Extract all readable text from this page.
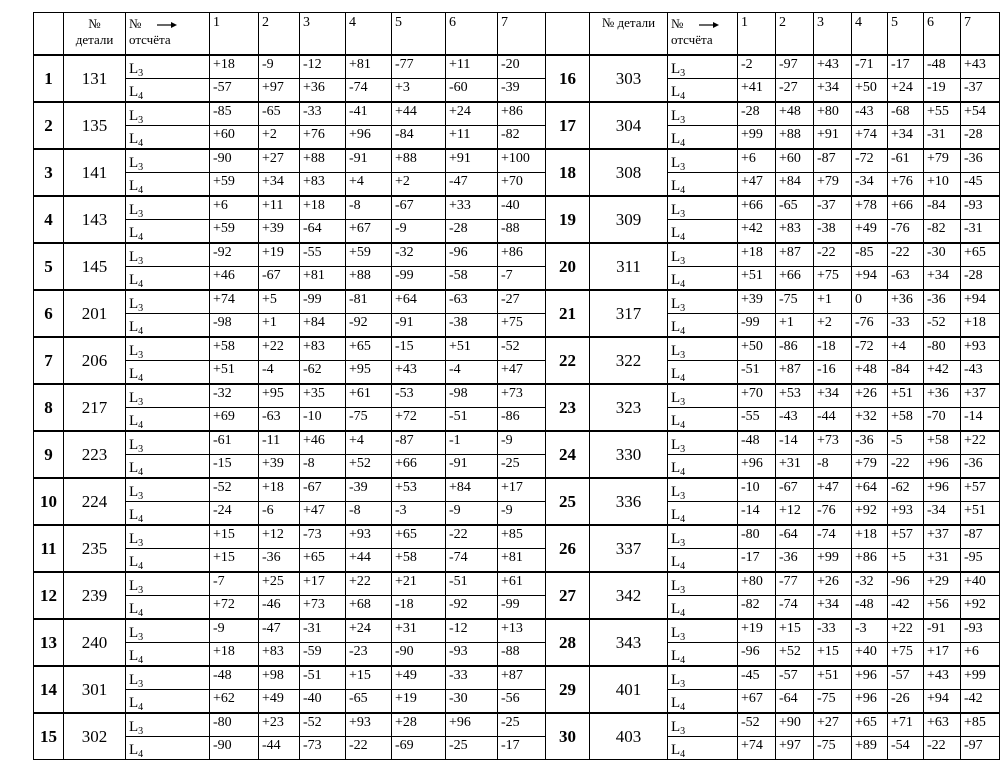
	№
детали	№
отсчёта	1	2	3	4	5	6	7		№ детали	№
отсчёта	1	2	3	4	5	6	7
1	131	$L_3$	+18	-9	-12	+81	-77	+11	-20	16	303	$L_3$	-2	-97	+43	-71	-17	-48	+43
		$L_4$	-57	+97	+36	-74	+3	-60	-39			$L_4$	+41	-27	+34	+50	+24	-19	-37
2	135	$L_3$	-85	-65	-33	-41	+44	+24	+86	17	304	$L_3$	-28	+48	+80	-43	-68	+55	+54
		$L_4$	+60	+2	+76	+96	-84	+11	-82			$L_4$	+99	+88	+91	+74	+34	-31	-28
3	141	$L_3$	-90	+27	+88	-91	+88	+91	+100	18	308	$L_3$	+6	+60	-87	-72	-61	+79	-36
		$L_4$	+59	+34	+83	+4	+2	-47	+70			$L_4$	+47	+84	+79	-34	+76	+10	-45
4	143	$L_3$	+6	+11	+18	-8	-67	+33	-40	19	309	$L_3$	+66	-65	-37	+78	+66	-84	-93
		$L_4$	+59	+39	-64	+67	-9	-28	-88			$L_4$	+42	+83	-38	+49	-76	-82	-31
5	145	$L_3$	-92	+19	-55	+59	-32	-96	+86	20	311	$L_3$	+18	+87	-22	-85	-22	-30	+65
		$L_4$	+46	-67	+81	+88	-99	-58	-7			$L_4$	+51	+66	+75	+94	-63	+34	-28
6	201	$L_3$	+74	+5	-99	-81	+64	-63	-27	21	317	$L_3$	+39	-75	+1	0	+36	-36	+94
		$L_4$	-98	+1	+84	-92	-91	-38	+75			$L_4$	-99	+1	+2	-76	-33	-52	+18
7	206	$L_3$	+58	+22	+83	+65	-15	+51	-52	22	322	$L_3$	+50	-86	-18	-72	+4	-80	+93
		$L_4$	+51	-4	-62	+95	+43	-4	+47			$L_4$	-51	+87	-16	+48	-84	+42	-43
8	217	$L_3$	-32	+95	+35	+61	-53	-98	+73	23	323	$L_3$	+70	+53	+34	+26	+51	+36	+37
		$L_4$	+69	-63	-10	-75	+72	-51	-86			$L_4$	-55	-43	-44	+32	+58	-70	-14
9	223	$L_3$	-61	-11	+46	+4	-87	-1	-9	24	330	$L_3$	-48	-14	+73	-36	-5	+58	+22
		$L_4$	-15	+39	-8	+52	+66	-91	-25			$L_4$	+96	+31	-8	+79	-22	+96	-36
10	224	$L_3$	-52	+18	-67	-39	+53	+84	+17	25	336	$L_3$	-10	-67	+47	+64	-62	+96	+57
		$L_4$	-24	-6	+47	-8	-3	-9	-9			$L_4$	-14	+12	-76	+92	+93	-34	+51
11	235	$L_3$	+15	+12	-73	+93	+65	-22	+85	26	337	$L_3$	-80	-64	-74	+18	+57	+37	-87
		$L_4$	+15	-36	+65	+44	+58	-74	+81			$L_4$	-17	-36	+99	+86	+5	+31	-95
12	239	$L_3$	-7	+25	+17	+22	+21	-51	+61	27	342	$L_3$	+80	-77	+26	-32	-96	+29	+40
		$L_4$	+72	-46	+73	+68	-18	-92	-99			$L_4$	-82	-74	+34	-48	-42	+56	+92
13	240	$L_3$	-9	-47	-31	+24	+31	-12	+13	28	343	$L_3$	+19	+15	-33	-3	+22	-91	-93
		$L_4$	+18	+83	-59	-23	-90	-93	-88			$L_4$	-96	+52	+15	+40	+75	+17	+6
14	301	$L_3$	-48	+98	-51	+15	+49	-33	+87	29	401	$L_3$	-45	-57	+51	+96	-57	+43	+99
		$L_4$	+62	+49	-40	-65	+19	-30	-56			$L_4$	+67	-64	-75	+96	-26	+94	-42
15	302	$L_3$	-80	+23	-52	+93	+28	+96	-25	30	403	$L_3$	-52	+90	+27	+65	+71	+63	+85
		$L_4$	-90	-44	-73	-22	-69	-25	-17			$L_4$	+74	+97	-75	+89	-54	-22	-97
